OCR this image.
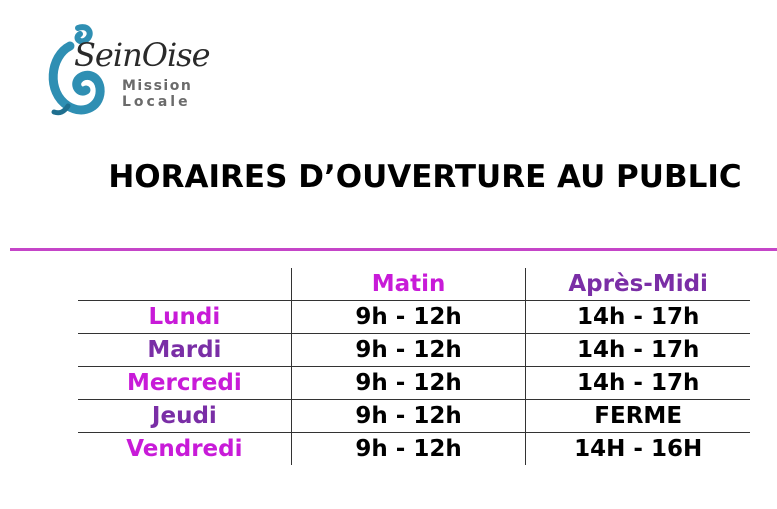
SeinOise
Mission
Locale
HORAIRES D’OUVERTURE AU PUBLIC
	Matin	Après-Midi
Lundi	9h - 12h	14h - 17h
Mardi	9h - 12h	14h - 17h
Mercredi	9h - 12h	14h - 17h
Jeudi	9h - 12h	FERME
Vendredi	9h - 12h	14H - 16H
